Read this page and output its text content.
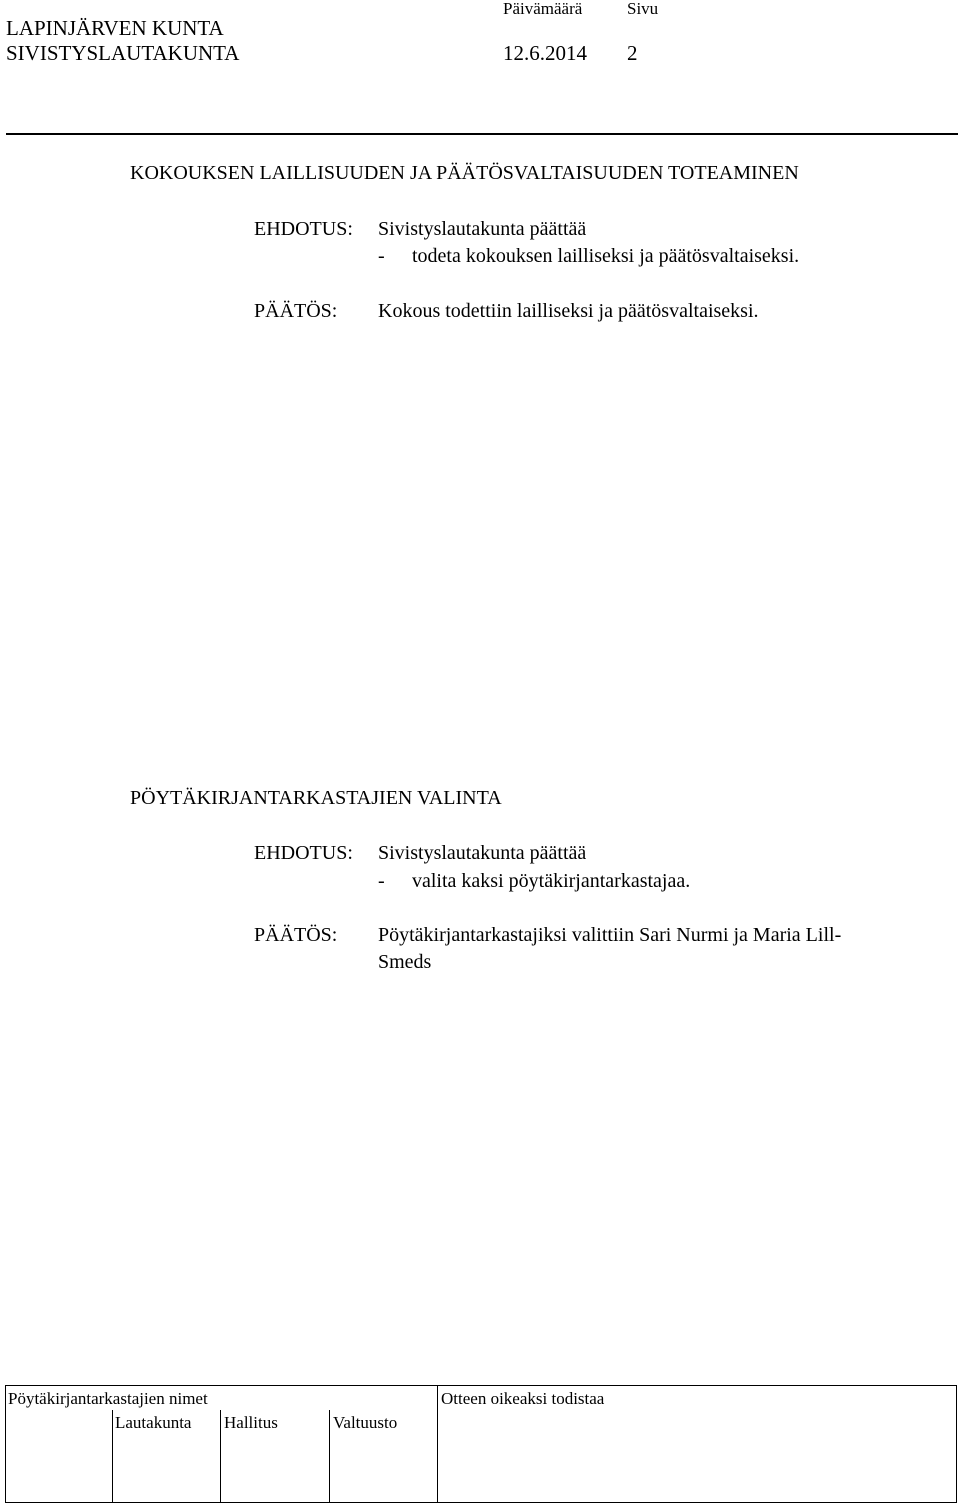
LAPINJÄRVEN KUNTA
SIVISTYSLAUTAKUNTA
Päivämäärä
12.6.2014
Sivu
2
KOKOUKSEN LAILLISUUDEN JA PÄÄTÖSVALTAISUUDEN TOTEAMINEN
EHDOTUS: Sivistyslautakunta päättää
- todeta kokouksen lailliseksi ja päätösvaltaiseksi.
PÄÄTÖS: Kokous todettiin lailliseksi ja päätösvaltaiseksi.
PÖYTÄKIRJANTARKASTAJIEN VALINTA
EHDOTUS: Sivistyslautakunta päättää
- valita kaksi pöytäkirjantarkastajaa.
PÄÄTÖS: Pöytäkirjantarkastajiksi valittiin Sari Nurmi ja Maria Lill-
Smeds
Pöytäkirjantarkastajien nimet	Otteen oikeaksi todistaa
Lautakunta Hallitus	Valtuusto
